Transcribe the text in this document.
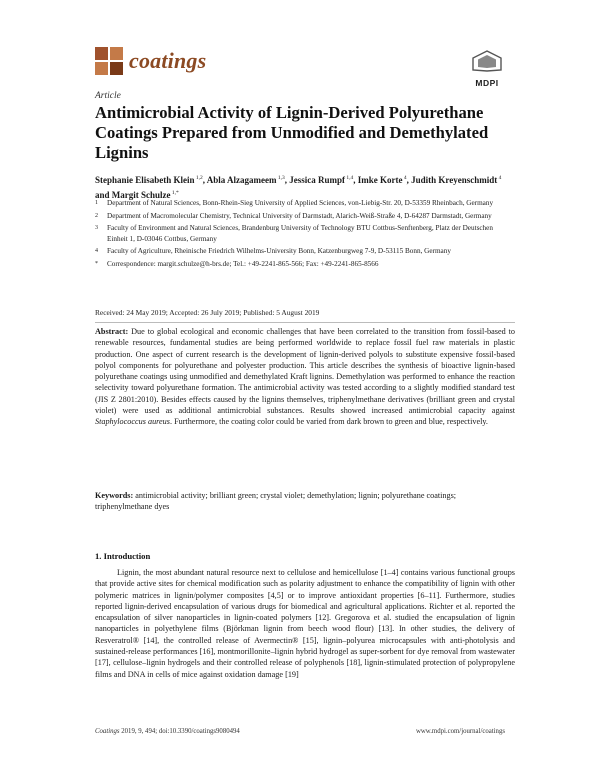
coatings
MDPI
Article
Antimicrobial Activity of Lignin-Derived Polyurethane Coatings Prepared from Unmodified and Demethylated Lignins
Stephanie Elisabeth Klein $^{1,2}$, Abla Alzagameem $^{1,3}$, Jessica Rumpf $^{1,4}$, Imke Korte $^4$, Judith Kreyenschmidt $^4$ and Margit Schulze $^{1,*}$
1	Department of Natural Sciences, Bonn-Rhein-Sieg University of Applied Sciences, von-Liebig-Str. 20, D-53359 Rheinbach, Germany
2	Department of Macromolecular Chemistry, Technical University of Darmstadt, Alarich-Weiß-Straße 4, D-64287 Darmstadt, Germany
3	Faculty of Environment and Natural Sciences, Brandenburg University of Technology BTU Cottbus-Senftenberg, Platz der Deutschen Einheit 1, D-03046 Cottbus, Germany
4	Faculty of Agriculture, Rheinische Friedrich Wilhelms-University Bonn, Katzenburgweg 7-9, D-53115 Bonn, Germany
*	Correspondence: margit.schulze@h-brs.de; Tel.: +49-2241-865-566; Fax: +49-2241-865-8566
Received: 24 May 2019; Accepted: 26 July 2019; Published: 5 August 2019
Abstract: Due to global ecological and economic challenges that have been correlated to the transition from fossil-based to renewable resources, fundamental studies are being performed worldwide to replace fossil fuel raw materials in plastic production. One aspect of current research is the development of lignin-derived polyols to substitute expensive fossil-based polyol components for polyurethane and polyester production. This article describes the synthesis of bioactive lignin-based polyurethane coatings using unmodified and demethylated Kraft lignins. Demethylation was performed to enhance the reaction selectivity toward polyurethane formation. The antimicrobial activity was tested according to a slightly modified standard test (JIS Z 2801:2010). Besides effects caused by the lignins themselves, triphenylmethane derivatives (brilliant green and crystal violet) were used as additional antimicrobial substances. Results showed increased antimicrobial capacity against Staphylococcus aureus. Furthermore, the coating color could be varied from dark brown to green and blue, respectively.
Keywords: antimicrobial activity; brilliant green; crystal violet; demethylation; lignin; polyurethane coatings; triphenylmethane dyes
1. Introduction
Lignin, the most abundant natural resource next to cellulose and hemicellulose [1–4] contains various functional groups that provide active sites for chemical modification such as polarity adjustment to enhance the compatibility of lignin with other polymeric matrices in lignin/polymer composites [4,5] or to improve antioxidant properties [6–11]. Furthermore, studies reported lignin-derived encapsulation of various drugs for biomedical and agricultural applications. Richter et al. reported the encapsulation of silver nanoparticles in lignin-coated polymers [12]. Gregorova et al. studied the encapsulation of lignin nanoparticles in polyethylene films (Björkman lignin from beech wood flour) [13]. In other studies, the delivery of Resveratrol® [14], the controlled release of Avermectin® [15], lignin–polyurea microcapsules with anti-photolysis and sustained-release performances [16], montmorillonite–lignin hybrid hydrogel as super-sorbent for dye removal from wastewater [17], cellulose–lignin hydrogels and their controlled release of polyphenols [18], lignin-stimulated protection of polypropylene films and DNA in cells of mice against oxidation damage [19]
Coatings 2019, 9, 494; doi:10.3390/coatings9080494	www.mdpi.com/journal/coatings
